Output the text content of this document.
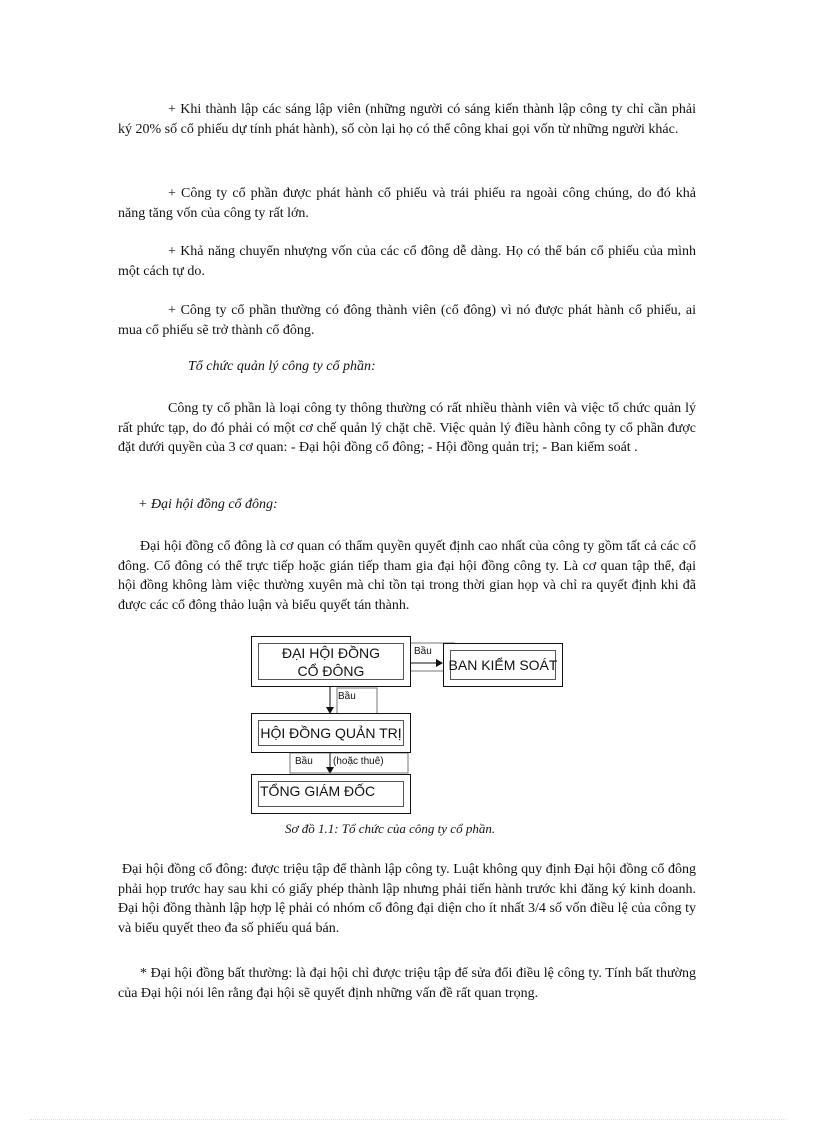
+ Khi thành lập các sáng lập viên (những người có sáng kiến thành lập công ty chỉ cần phải ký 20% số cổ phiếu dự tính phát hành), số còn lại họ có thể công khai gọi vốn từ những người khác.

+ Công ty cổ phần được phát hành cổ phiếu và trái phiếu ra ngoài công chúng, do đó khả năng tăng vốn của công ty rất lớn.

+ Khả năng chuyển nhượng vốn của các cổ đông dễ dàng. Họ có thể bán cổ phiếu của mình một cách tự do.

+ Công ty cổ phần thường có đông thành viên (cổ đông) vì nó được phát hành cổ phiếu, ai mua cổ phiếu sẽ trở thành cổ đông.

Tổ chức quản lý công ty cổ phần:

Công ty cổ phần là loại công ty thông thường có rất nhiều thành viên và việc tổ chức quản lý rất phức tạp, do đó phải có một cơ chế quản lý chặt chẽ. Việc quản lý điều hành công ty cổ phần được đặt dưới quyền của 3 cơ quan: - Đại hội đồng cổ đông; - Hội đồng quản trị; - Ban kiểm soát .

+ Đại hội đồng cổ đông:

Đại hội đồng cổ đông là cơ quan có thẩm quyền quyết định cao nhất của công ty gồm tất cả các cổ đông. Cổ đông có thể trực tiếp hoặc gián tiếp tham gia đại hội đồng công ty. Là cơ quan tập thể, đại hội đồng không làm việc thường xuyên mà chỉ tồn tại trong thời gian họp và chỉ ra quyết định khi đã được các cổ đông thảo luận và biểu quyết tán thành.

ĐẠI HỘI ĐỒNG
CỔ ĐÔNG	BAN KIỂM SOÁT
HỘI ĐỒNG QUẢN TRỊ
TỔNG GIÁM ĐỐC
Bầu
Bầu
Bầu (hoặc thuê)
Sơ đồ 1.1: Tổ chức của công ty cổ phần.

Đại hội đồng cổ đông: được triệu tập để thành lập công ty. Luật không quy định Đại hội đồng cổ đông phải họp trước hay sau khi có giấy phép thành lập nhưng phải tiến hành trước khi đăng ký kinh doanh. Đại hội đồng thành lập hợp lệ phải có nhóm cổ đông đại diện cho ít nhất 3/4 số vốn điều lệ của công ty và biểu quyết theo đa số phiếu quá bán.

* Đại hội đồng bất thường: là đại hội chỉ được triệu tập để sửa đổi điều lệ công ty. Tính bất thường của Đại hội nói lên rằng đại hội sẽ quyết định những vấn đề rất quan trọng.
